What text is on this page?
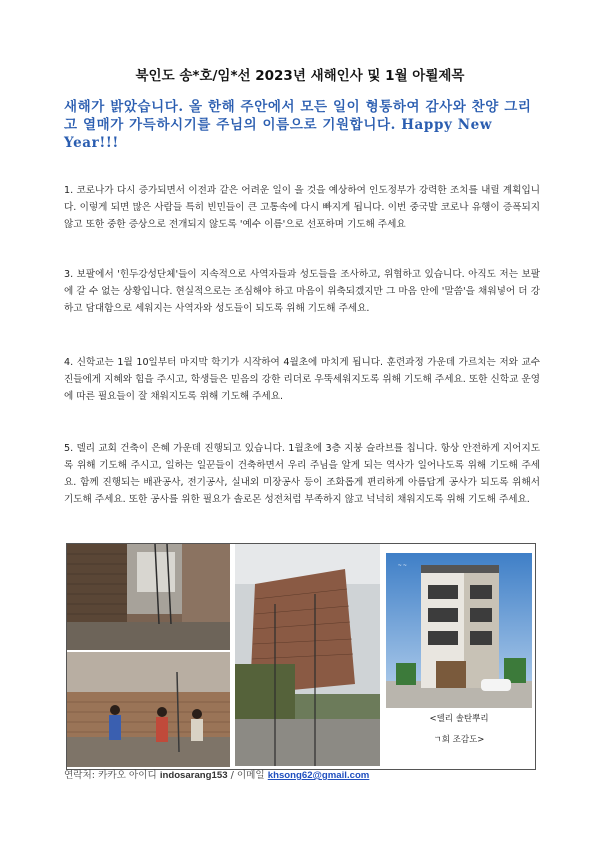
북인도 송*호/임*선 2023년 새해인사 및 1월 아뢸제목
새해가 밝았습니다. 올 한해 주안에서 모든 일이 형통하여 감사와 찬양 그리고 열매가 가득하시기를 주님의 이름으로 기원합니다. Happy New Year!!!

1. 코로나가 다시 증가되면서 이전과 같은 어려운 일이 올 것을 예상하여 인도정부가 강력한 조치를 내릴 계획입니다. 이렇게 되면 많은 사람들 특히 빈민들이 큰 고통속에 다시 빠지게 됩니다. 이번 중국발 코로나 유행이 증폭되지 않고 또한 중한 증상으로 전개되지 않도록 '예수 이름'으로 선포하며 기도해 주세요

3. 보팔에서 '힌두강성단체'들이 지속적으로 사역자들과 성도들을 조사하고, 위협하고 있습니다. 아직도 저는 보팔에 갈 수 없는 상황입니다. 현실적으로는 조심해야 하고 마음이 위축되겠지만 그 마음 안에 '말씀'을 채워넣어 더 강하고 담대함으로 세워지는 사역자와 성도들이 되도록 위해 기도해 주세요.

4. 신학교는 1월 10일부터 마지막 학기가 시작하여 4월초에 마치게 됩니다. 훈련과정 가운데 가르치는 저와 교수진들에게 지혜와 힘을 주시고, 학생들은 믿음의 강한 리더로 우뚝세워지도록 위해 기도해 주세요. 또한 신학교 운영에 따른 필요들이 잘 채워지도록 위해 기도해 주세요.

5. 델리 교회 건축이 은혜 가운데 진행되고 있습니다. 1월초에 3층 지붕 슬라브를 칩니다. 항상 안전하게 지어지도록 위해 기도해 주시고, 일하는 일꾼들이 건축하면서 우리 주님을 알게 되는 역사가 일어나도록 위해 기도해 주세요. 함께 진행되는 배관공사, 전기공사, 실내외 미장공사 등이 조화롭게 편리하게 아름답게 공사가 되도록 위해서 기도해 주세요. 또한 공사를 위한 필요가 솔로몬 성전처럼 부족하지 않고 넉넉히 채워지도록 위해 기도해 주세요.

~ ~
<델리 솔탄뿌리
ㄱ회 조감도>
연락처: 카카오 아이디 indosarang153 / 이메일 khsong62@gmail.com
